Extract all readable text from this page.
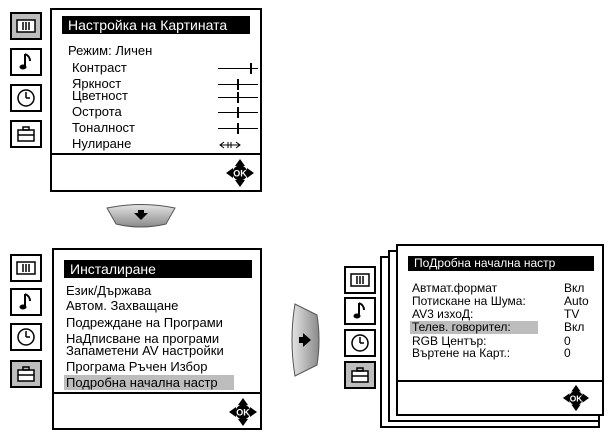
Настройка на Картината
Режим: Личен
Контраст
Яркност
Цветност
Острота
Тоналност
Нулиране
OK
Инсталиране
Език/Държава
Автом. Захващане
Подреждане на Програми
НаДписване на програми
Запаметени AV настройки
Програма Ръчен Избор
Подробна начална настр
OK
ПоДробна начална настр
Автмат.формат	Вкл
Потискане на Шума:	Auto
AV3 изхоД:	TV
Телев. говорител:	Вкл
RGB Център:	0
Въртене на Карт.:	0
OK
